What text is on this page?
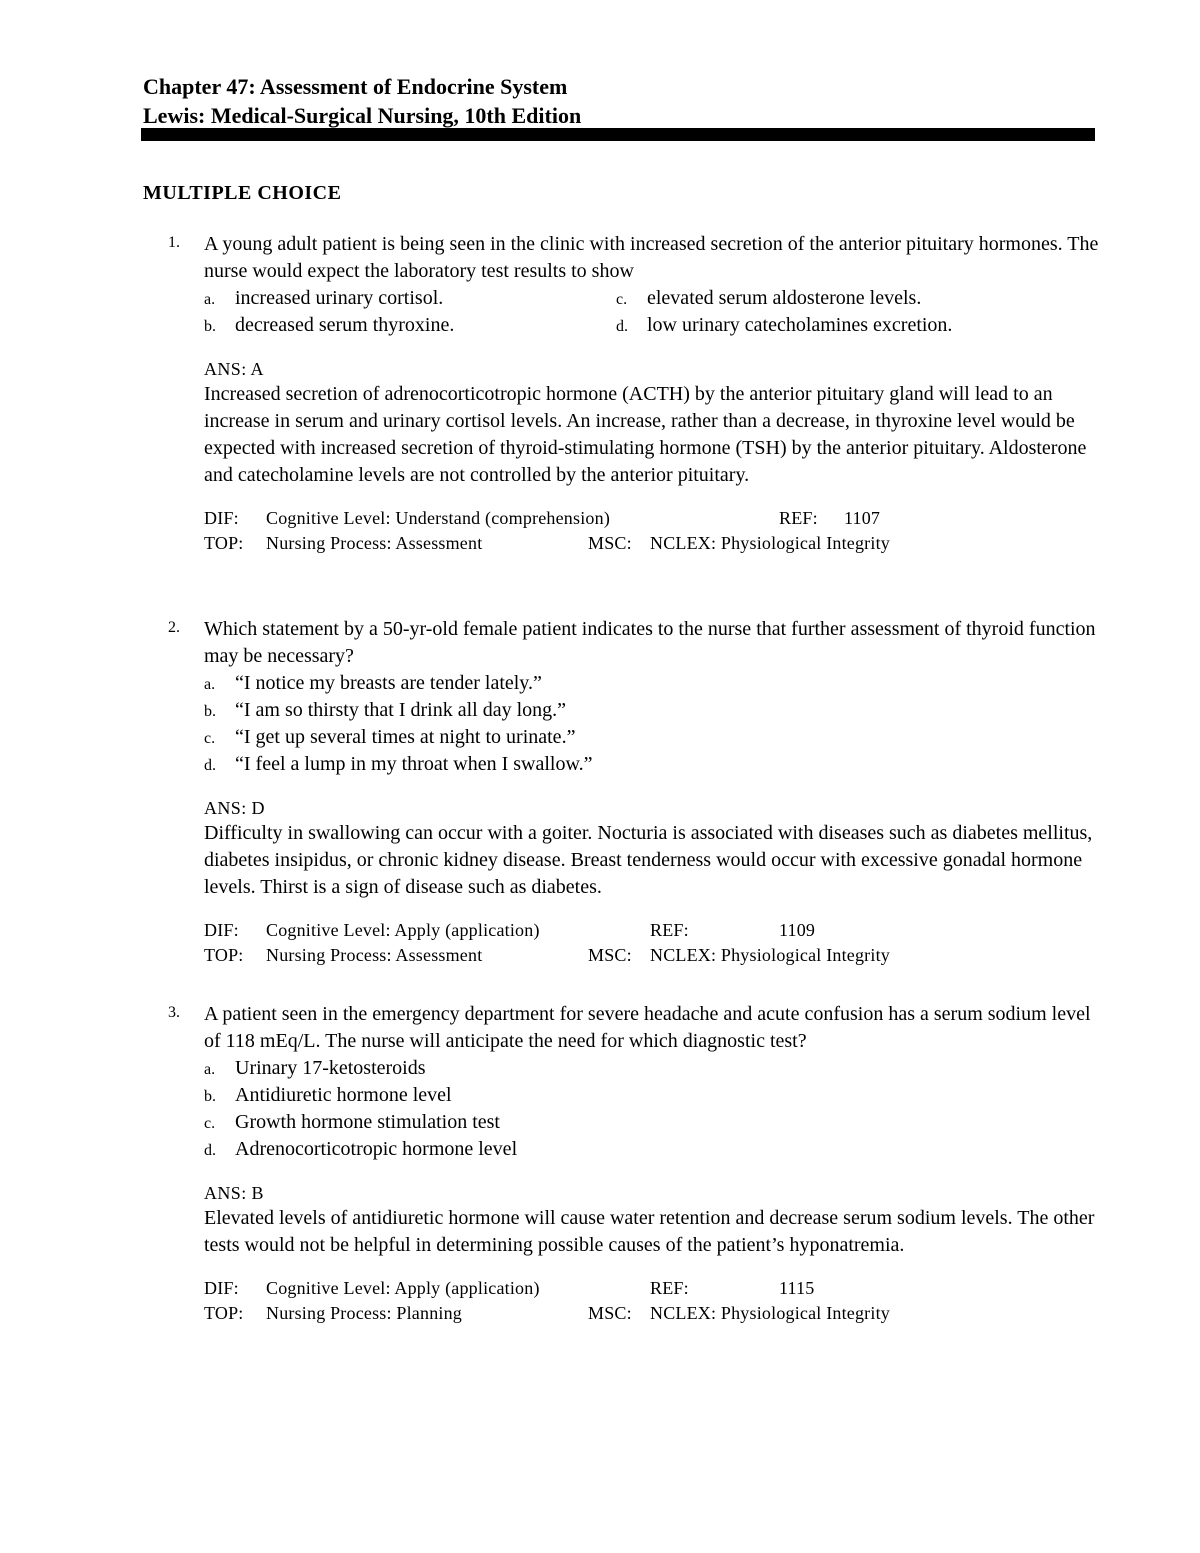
Chapter 47: Assessment of Endocrine System
Lewis: Medical-Surgical Nursing, 10th Edition
MULTIPLE CHOICE
1. A young adult patient is being seen in the clinic with increased secretion of the anterior pituitary hormones. The nurse would expect the laboratory test results to show
a. increased urinary cortisol.
b. decreased serum thyroxine.
c. elevated serum aldosterone levels.
d. low urinary catecholamines excretion.
ANS: A
Increased secretion of adrenocorticotropic hormone (ACTH) by the anterior pituitary gland will lead to an increase in serum and urinary cortisol levels. An increase, rather than a decrease, in thyroxine level would be expected with increased secretion of thyroid-stimulating hormone (TSH) by the anterior pituitary. Aldosterone and catecholamine levels are not controlled by the anterior pituitary.
DIF: Cognitive Level: Understand (comprehension)	REF: 1107
TOP: Nursing Process: Assessment	MSC: NCLEX: Physiological Integrity
2. Which statement by a 50-yr-old female patient indicates to the nurse that further assessment of thyroid function may be necessary?
a. “I notice my breasts are tender lately.”
b. “I am so thirsty that I drink all day long.”
c. “I get up several times at night to urinate.”
d. “I feel a lump in my throat when I swallow.”
ANS: D
Difficulty in swallowing can occur with a goiter. Nocturia is associated with diseases such as diabetes mellitus, diabetes insipidus, or chronic kidney disease. Breast tenderness would occur with excessive gonadal hormone levels. Thirst is a sign of disease such as diabetes.
DIF: Cognitive Level: Apply (application)	REF:	1109
TOP: Nursing Process: Assessment	MSC: NCLEX: Physiological Integrity
3. A patient seen in the emergency department for severe headache and acute confusion has a serum sodium level of 118 mEq/L. The nurse will anticipate the need for which diagnostic test?
a. Urinary 17-ketosteroids
b. Antidiuretic hormone level
c. Growth hormone stimulation test
d. Adrenocorticotropic hormone level
ANS: B
Elevated levels of antidiuretic hormone will cause water retention and decrease serum sodium levels. The other tests would not be helpful in determining possible causes of the patient’s hyponatremia.
DIF: Cognitive Level: Apply (application)	REF:	1115
TOP: Nursing Process: Planning	MSC: NCLEX: Physiological Integrity
